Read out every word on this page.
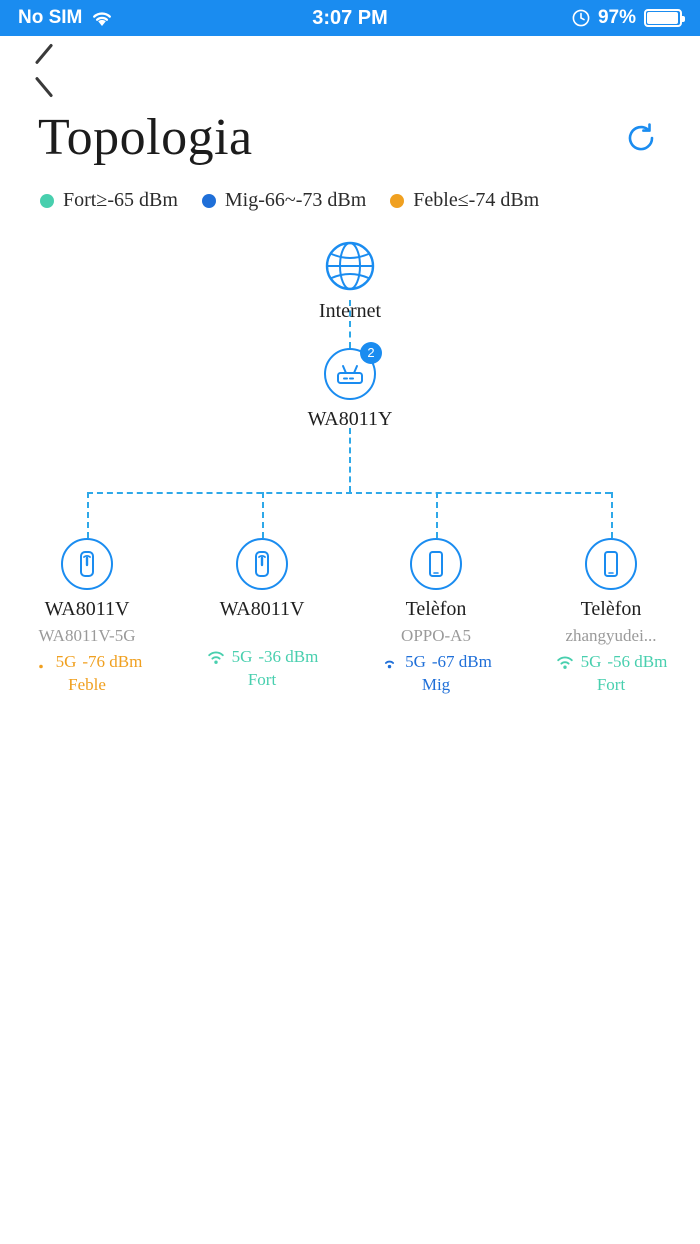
No SIM	3:07 PM	97%
Topologia
Fort≥-65 dBm Mig-66~-73 dBm Feble≤-74 dBm
Internet
2
WA8011Y
WA8011V
WA8011V-5G
5G -76 dBm
Feble
WA8011V
5G -36 dBm
Fort
Telèfon
OPPO-A5
5G -67 dBm
Mig
Telèfon
zhangyudei...
5G -56 dBm
Fort
